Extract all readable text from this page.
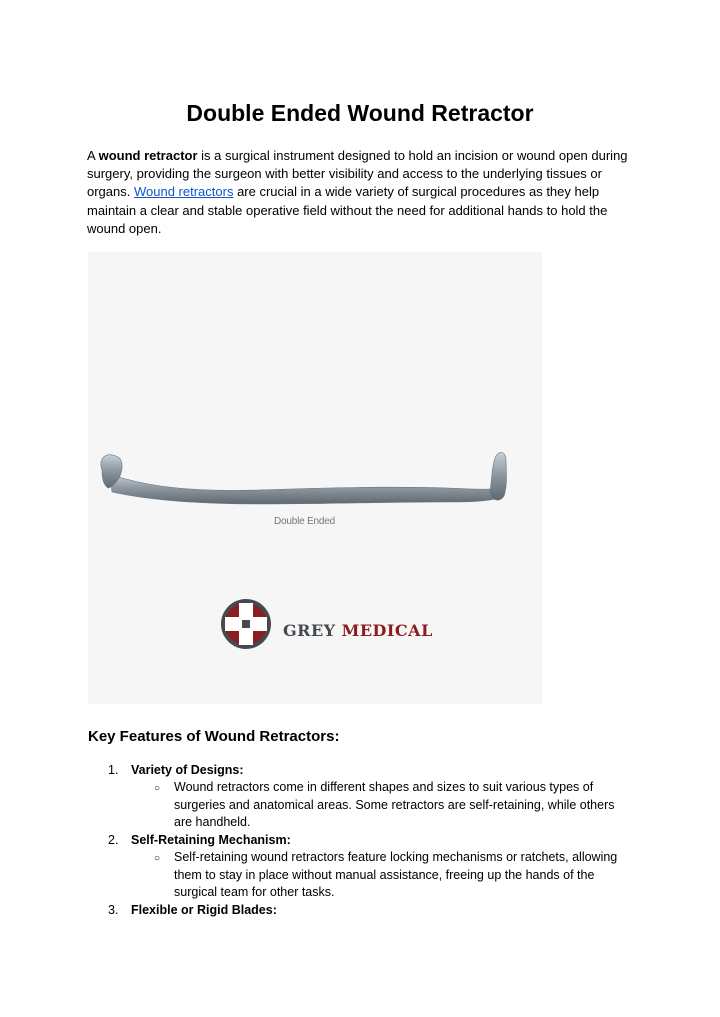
Double Ended Wound Retractor

A wound retractor is a surgical instrument designed to hold an incision or wound open during surgery, providing the surgeon with better visibility and access to the underlying tissues or organs. Wound retractors are crucial in a wide variety of surgical procedures as they help maintain a clear and stable operative field without the need for additional hands to hold the wound open.

Double Ended
GREY MEDICAL
Key Features of Wound Retractors:
1.	Variety of Designs:
○ Wound retractors come in different shapes and sizes to suit various types of surgeries and anatomical areas. Some retractors are self-retaining, while others are handheld.
2.	Self-Retaining Mechanism:
○ Self-retaining wound retractors feature locking mechanisms or ratchets, allowing them to stay in place without manual assistance, freeing up the hands of the surgical team for other tasks.
3.	Flexible or Rigid Blades:
